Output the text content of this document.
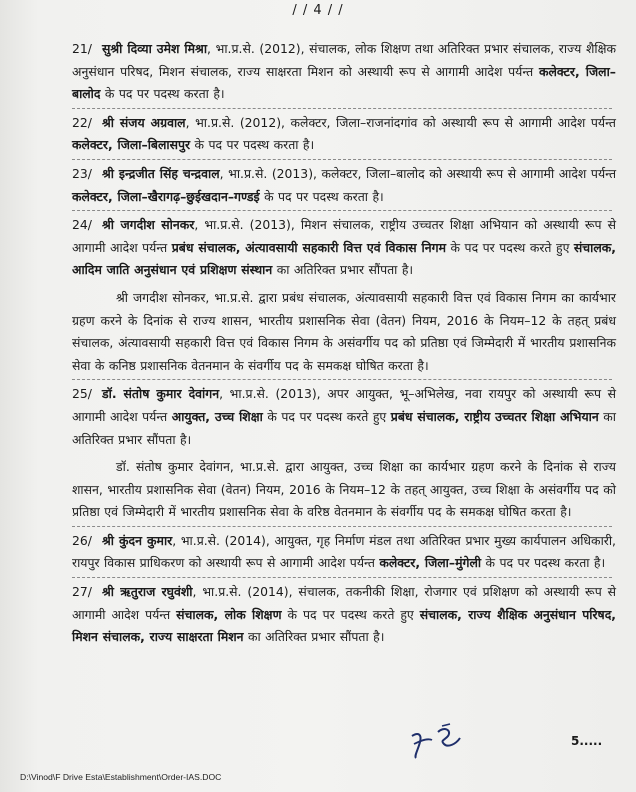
/ / 4 / /

21/ सुश्री दिव्या उमेश मिश्रा, भा.प्र.से. (2012), संचालक, लोक शिक्षण तथा अतिरिक्त प्रभार संचालक, राज्य शैक्षिक अनुसंधान परिषद, मिशन संचालक, राज्य साक्षरता मिशन को अस्थायी रूप से आगामी आदेश पर्यन्त कलेक्टर, जिला–बालोद के पद पर पदस्थ करता है।

22/ श्री संजय अग्रवाल, भा.प्र.से. (2012), कलेक्टर, जिला–राजनांदगांव को अस्थायी रूप से आगामी आदेश पर्यन्त कलेक्टर, जिला–बिलासपुर के पद पर पदस्थ करता है।

23/ श्री इन्द्रजीत सिंह चन्द्रवाल, भा.प्र.से. (2013), कलेक्टर, जिला–बालोद को अस्थायी रूप से आगामी आदेश पर्यन्त कलेक्टर, जिला–खैरागढ़–छुईखदान–गण्डई के पद पर पदस्थ करता है।

24/ श्री जगदीश सोनकर, भा.प्र.से. (2013), मिशन संचालक, राष्ट्रीय उच्चतर शिक्षा अभियान को अस्थायी रूप से आगामी आदेश पर्यन्त प्रबंध संचालक, अंत्यावसायी सहकारी वित्त एवं विकास निगम के पद पर पदस्थ करते हुए संचालक, आदिम जाति अनुसंधान एवं प्रशिक्षण संस्थान का अतिरिक्त प्रभार सौंपता है।

श्री जगदीश सोनकर, भा.प्र.से. द्वारा प्रबंध संचालक, अंत्यावसायी सहकारी वित्त एवं विकास निगम का कार्यभार ग्रहण करने के दिनांक से राज्य शासन, भारतीय प्रशासनिक सेवा (वेतन) नियम, 2016 के नियम–12 के तहत् प्रबंध संचालक, अंत्यावसायी सहकारी वित्त एवं विकास निगम के असंवर्गीय पद को प्रतिष्ठा एवं जिम्मेदारी में भारतीय प्रशासनिक सेवा के कनिष्ठ प्रशासनिक वेतनमान के संवर्गीय पद के समकक्ष घोषित करता है।

25/ डॉ. संतोष कुमार देवांगन, भा.प्र.से. (2013), अपर आयुक्त, भू–अभिलेख, नवा रायपुर को अस्थायी रूप से आगामी आदेश पर्यन्त आयुक्त, उच्च शिक्षा के पद पर पदस्थ करते हुए प्रबंध संचालक, राष्ट्रीय उच्चतर शिक्षा अभियान का अतिरिक्त प्रभार सौंपता है।

डॉ. संतोष कुमार देवांगन, भा.प्र.से. द्वारा आयुक्त, उच्च शिक्षा का कार्यभार ग्रहण करने के दिनांक से राज्य शासन, भारतीय प्रशासनिक सेवा (वेतन) नियम, 2016 के नियम–12 के तहत् आयुक्त, उच्च शिक्षा के असंवर्गीय पद को प्रतिष्ठा एवं जिम्मेदारी में भारतीय प्रशासनिक सेवा के वरिष्ठ वेतनमान के संवर्गीय पद के समकक्ष घोषित करता है।

26/ श्री कुंदन कुमार, भा.प्र.से. (2014), आयुक्त, गृह निर्माण मंडल तथा अतिरिक्त प्रभार मुख्य कार्यपालन अधिकारी, रायपुर विकास प्राधिकरण को अस्थायी रूप से आगामी आदेश पर्यन्त कलेक्टर, जिला–मुंगेली के पद पर पदस्थ करता है।

27/ श्री ऋतुराज रघुवंशी, भा.प्र.से. (2014), संचालक, तकनीकी शिक्षा, रोजगार एवं प्रशिक्षण को अस्थायी रूप से आगामी आदेश पर्यन्त संचालक, लोक शिक्षण के पद पर पदस्थ करते हुए संचालक, राज्य शैक्षिक अनुसंधान परिषद, मिशन संचालक, राज्य साक्षरता मिशन का अतिरिक्त प्रभार सौंपता है।

5.....
D:\Vinod\F Drive Esta\Establishment\Order-IAS.DOC
